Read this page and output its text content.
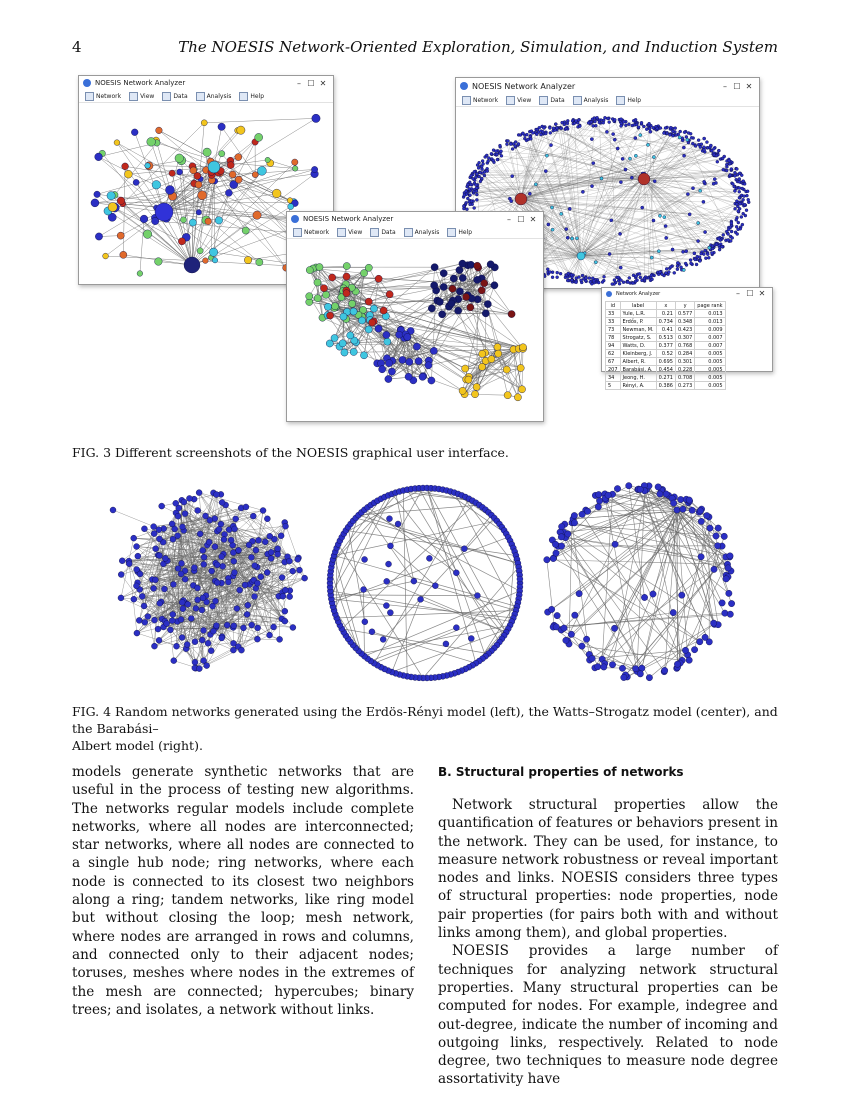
4	The NOESIS Network-Oriented Exploration, Simulation, and Induction System
NOESIS Network Analyzer	– ☐ ✕
Network	View	Data	Analysis	Help
NOESIS Network Analyzer	– ☐ ✕
Network	View	Data	Analysis	Help
NOESIS Network Analyzer	– ☐ ✕
Network	View	Data	Analysis	Help
Network Analyzer	– ☐ ✕
id	label	x	y	page rank
33	Yule, L.R.	0.21	0.577	0.013
33	Erdős, P.	0.734	0.348	0.013
73	Newman, M.	0.41	0.423	0.009
78	Strogatz, S.	0.513	0.307	0.007
94	Watts, D.	0.377	0.768	0.007
62	Kleinberg, J.	0.52	0.284	0.005
67	Albert, R.	0.695	0.301	0.005
207	Barabási, A.	0.454	0.228	0.005
34	Jeong, H.	0.271	0.708	0.005
5	Rényi, A.	0.386	0.273	0.005
FIG. 3 Different screenshots of the NOESIS graphical user interface.
FIG. 4 Random networks generated using the Erdös-Rényi model (left), the Watts–Strogatz model (center), and the Barabási–
Albert model (right).

models generate synthetic networks that are useful in the process of testing new algorithms. The networks regular models include complete networks, where all nodes are interconnected; star networks, where all nodes are connected to a single hub node; ring networks, where each node is connected to its closest two neighbors along a ring; tandem networks, like ring model but without closing the loop; mesh network, where nodes are arranged in rows and columns, and connected only to their adjacent nodes; toruses, meshes where nodes in the extremes of the mesh are connected; hypercubes; binary trees; and isolates, a network without links.

B. Structural properties of networks

Network structural properties allow the quantification of features or behaviors present in the network. They can be used, for instance, to measure network robustness or reveal important nodes and links. NOESIS considers three types of structural properties: node properties, node pair properties (for pairs both with and without links among them), and global properties.

NOESIS provides a large number of techniques for analyzing network structural properties. Many structural properties can be computed for nodes. For example, indegree and out-degree, indicate the number of incoming and outgoing links, respectively. Related to node degree, two techniques to measure node degree assortativity have
